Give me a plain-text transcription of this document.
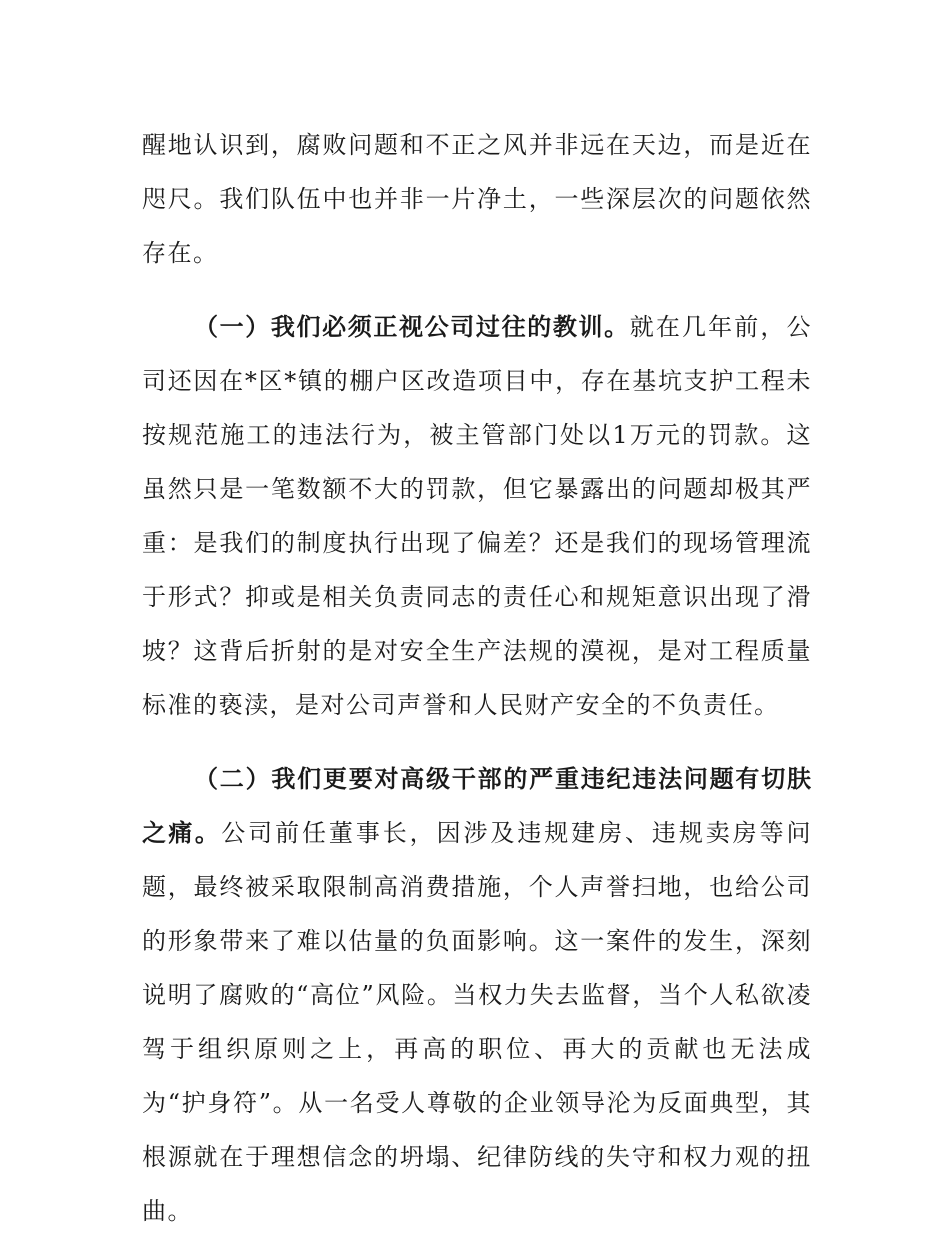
醒地认识到，腐败问题和不正之风并非远在天边，而是近在咫尺。我们队伍中也并非一片净土，一些深层次的问题依然存在。

（一）我们必须正视公司过往的教训。就在几年前，公司还因在*区*镇的棚户区改造项目中，存在基坑支护工程未按规范施工的违法行为，被主管部门处以1万元的罚款。这虽然只是一笔数额不大的罚款，但它暴露出的问题却极其严重：是我们的制度执行出现了偏差？还是我们的现场管理流于形式？抑或是相关负责同志的责任心和规矩意识出现了滑坡？这背后折射的是对安全生产法规的漠视，是对工程质量标准的亵渎，是对公司声誉和人民财产安全的不负责任。

（二）我们更要对高级干部的严重违纪违法问题有切肤之痛。公司前任董事长，因涉及违规建房、违规卖房等问题，最终被采取限制高消费措施，个人声誉扫地，也给公司的形象带来了难以估量的负面影响。这一案件的发生，深刻说明了腐败的“高位”风险。当权力失去监督，当个人私欲凌驾于组织原则之上，再高的职位、再大的贡献也无法成为“护身符”。从一名受人尊敬的企业领导沦为反面典型，其根源就在于理想信念的坍塌、纪律防线的失守和权力观的扭曲。
